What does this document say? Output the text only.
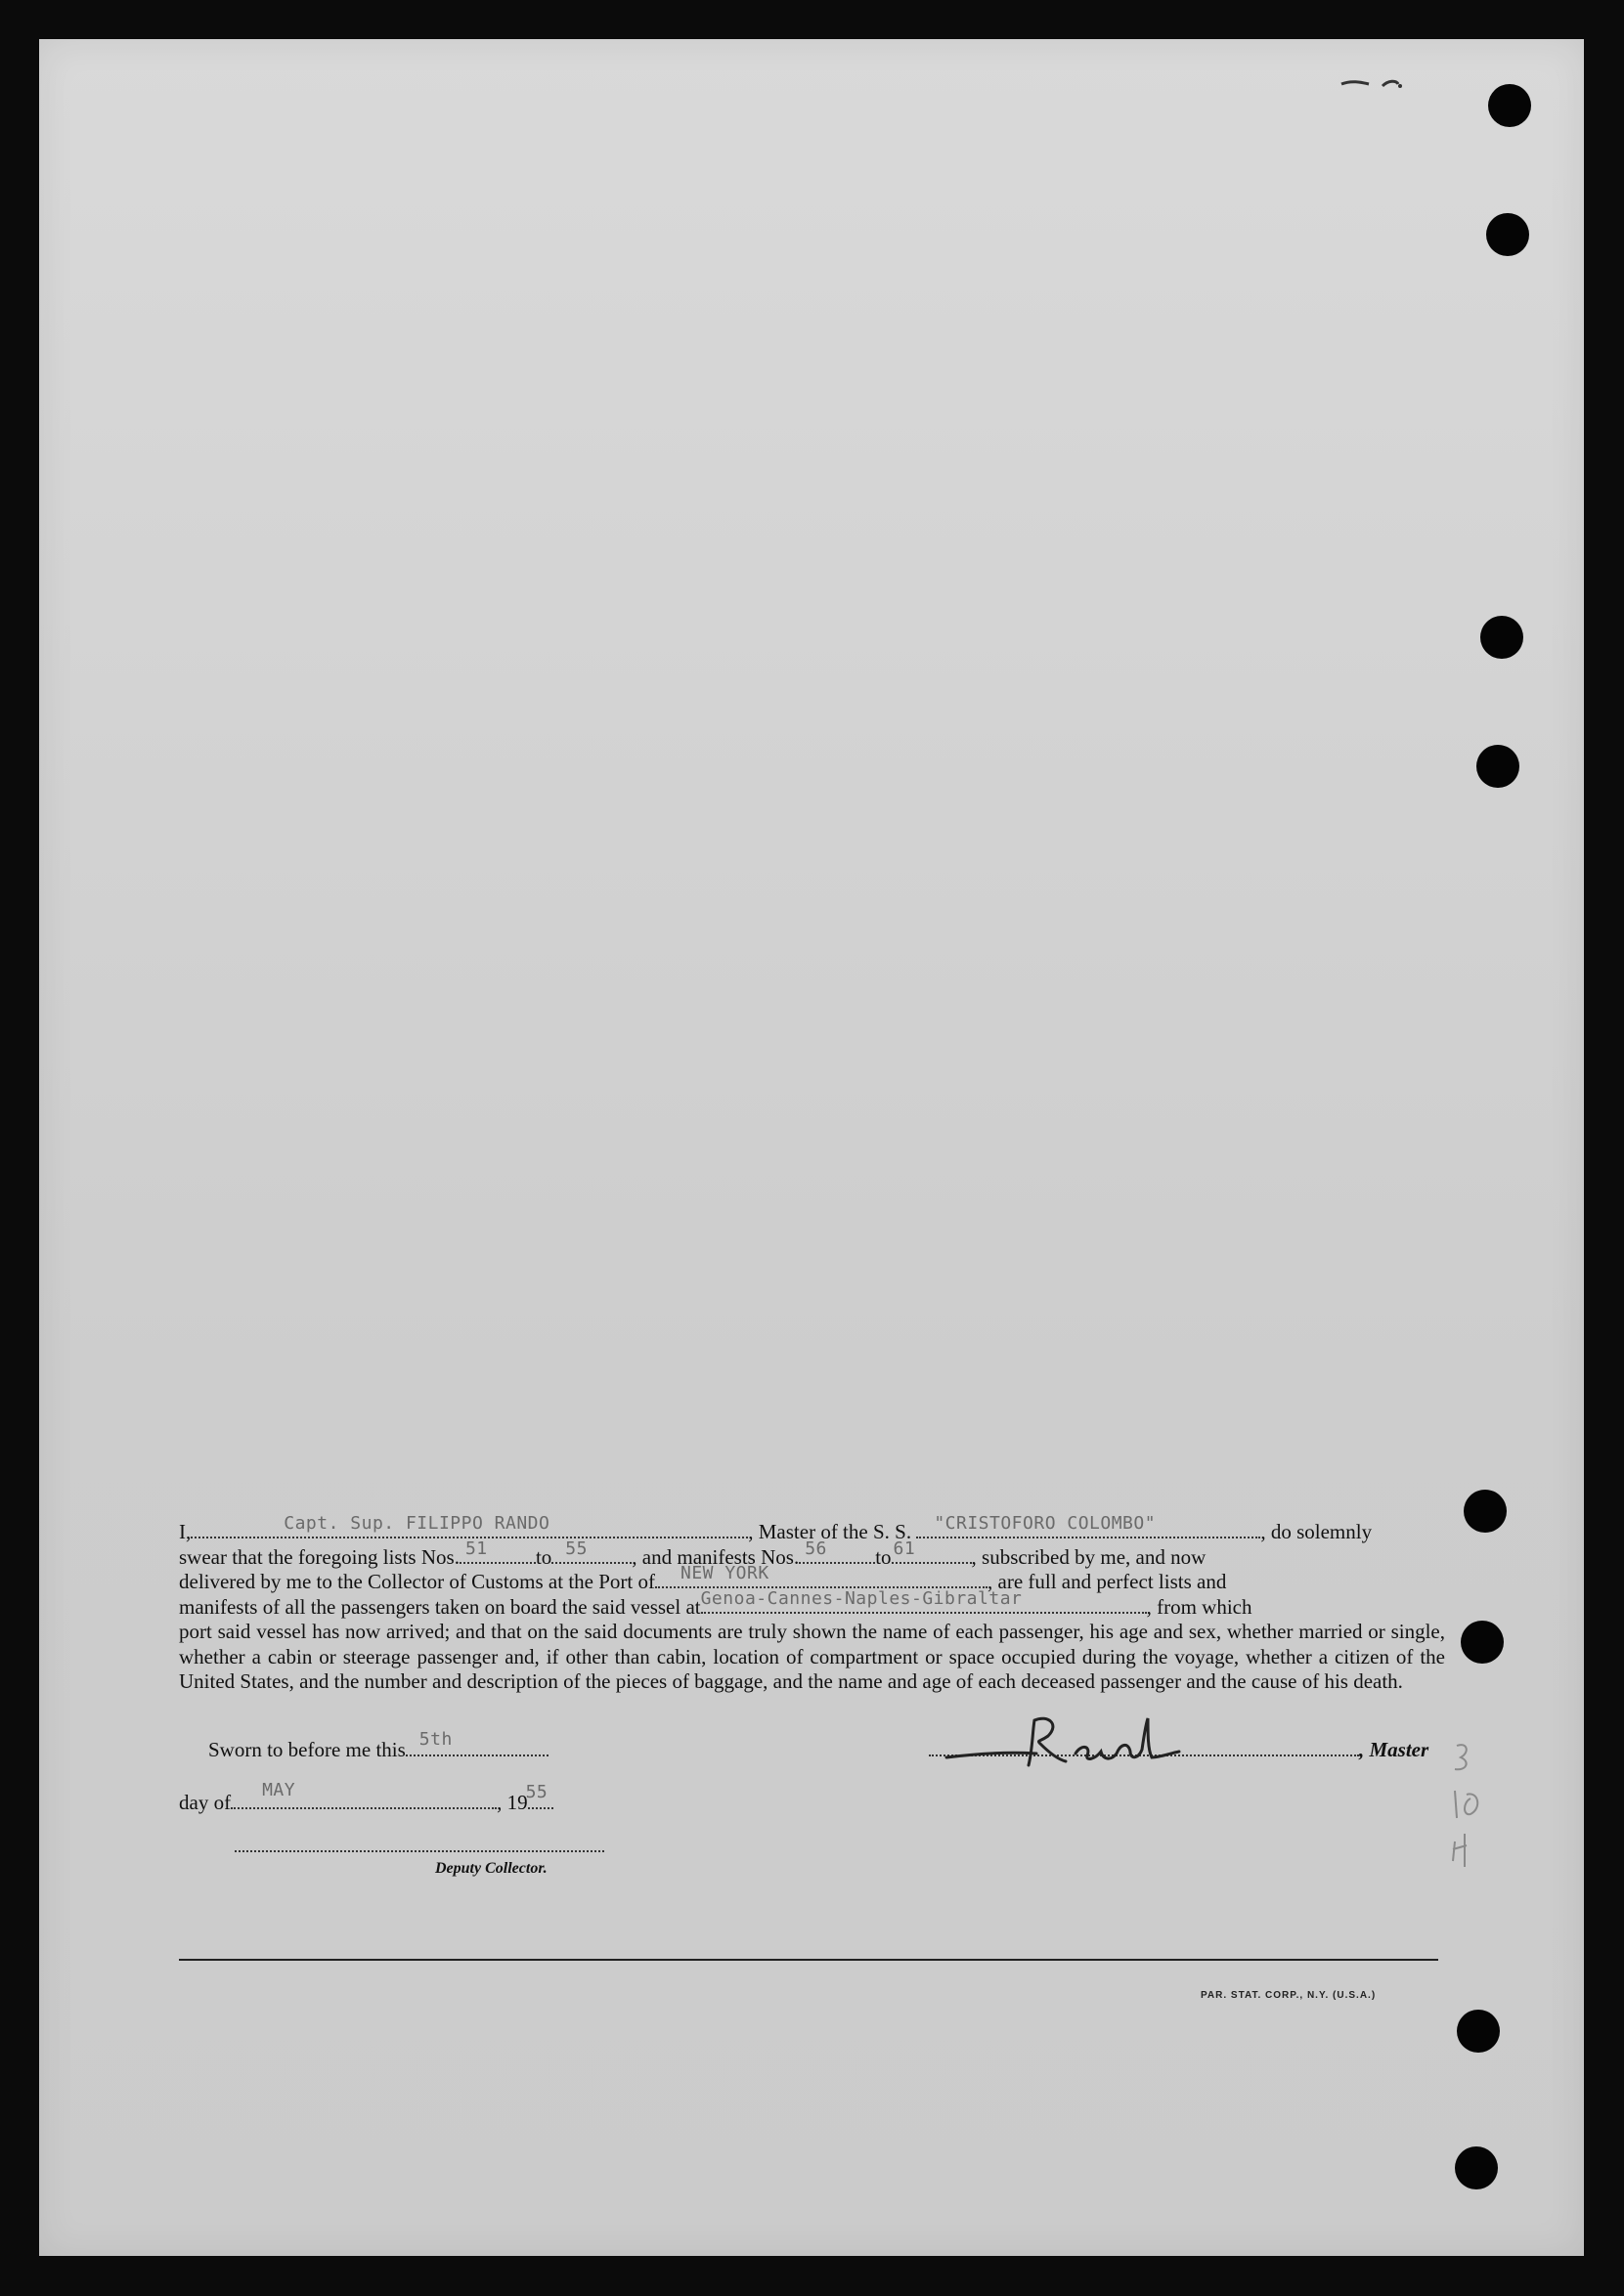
I,	Capt. Sup. FILIPPO RANDO	, Master of the S. S. "CRISTOFORO COLOMBO"	, do solemnly

swear that the foregoing lists Nos. 51 to 55 , and manifests Nos. 56 to 61	, subscribed by me, and now

delivered by me to the Collector of Customs at the Port of NEW YORK	, are full and perfect lists and

manifests of all the passengers taken on board the said vessel at Genoa-Cannes-Naples-Gibraltar	, from which

port said vessel has now arrived; and that on the said documents are truly shown the name of each passenger, his age and sex, whether married or single, whether a cabin or steerage passenger and, if other than cabin, location of compartment or space occupied during the voyage, whether a citizen of the United States, and the number and description of the pieces of baggage, and the name and age of each deceased passenger and the cause of his death.

Sworn to before me this 5th
day of
MAY
, 19
55
Deputy Collector.
, Master
PAR. STAT. CORP., N.Y. (U.S.A.)
